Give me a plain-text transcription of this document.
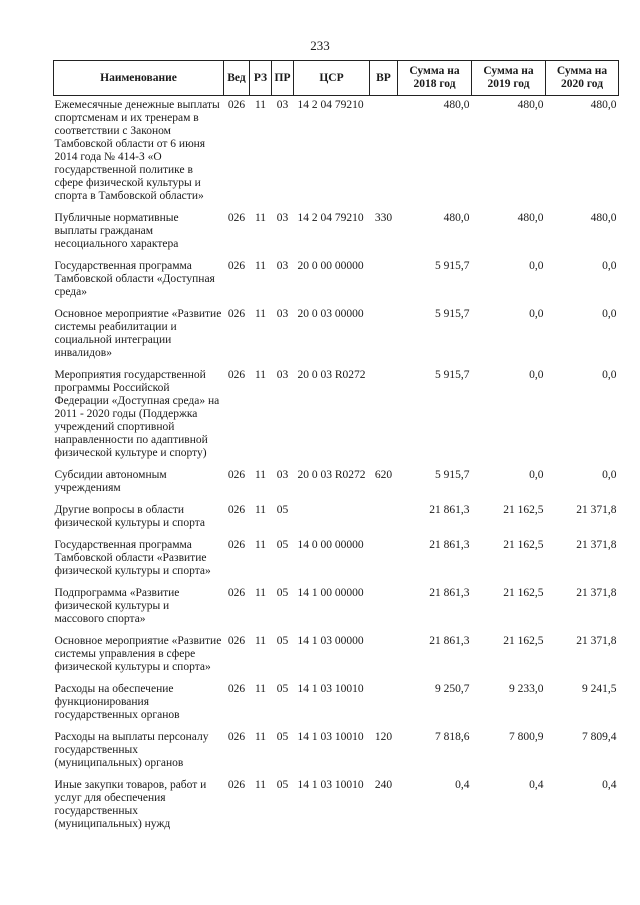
233
Наименование	Вед	РЗ	ПР	ЦСР	ВР	Сумма на 2018 год	Сумма на 2019 год	Сумма на 2020 год
Ежемесячные денежные выплаты спортсменам и их тренерам в соответствии с Законом Тамбовской области от 6 июня 2014 года № 414-З «О государственной политике в сфере физической культуры и спорта в Тамбовской области»	026	11	03	14 2 04 79210		480,0	480,0	480,0
Публичные нормативные выплаты гражданам несоциального характера	026	11	03	14 2 04 79210	330	480,0	480,0	480,0
Государственная программа Тамбовской области «Доступная среда»	026	11	03	20 0 00 00000		5 915,7	0,0	0,0
Основное мероприятие «Развитие системы реабилитации и социальной интеграции инвалидов»	026	11	03	20 0 03 00000		5 915,7	0,0	0,0
Мероприятия государственной программы Российской Федерации «Доступная среда» на 2011 - 2020 годы (Поддержка учреждений спортивной направленности по адаптивной физической культуре и спорту)	026	11	03	20 0 03 R0272		5 915,7	0,0	0,0
Субсидии автономным учреждениям	026	11	03	20 0 03 R0272	620	5 915,7	0,0	0,0
Другие вопросы в области физической культуры и спорта	026	11	05			21 861,3	21 162,5	21 371,8
Государственная программа Тамбовской области «Развитие физической культуры и спорта»	026	11	05	14 0 00 00000		21 861,3	21 162,5	21 371,8
Подпрограмма «Развитие физической культуры и массового спорта»	026	11	05	14 1 00 00000		21 861,3	21 162,5	21 371,8
Основное мероприятие «Развитие системы управления в сфере физической культуры и спорта»	026	11	05	14 1 03 00000		21 861,3	21 162,5	21 371,8
Расходы на обеспечение функционирования государственных органов	026	11	05	14 1 03 10010		9 250,7	9 233,0	9 241,5
Расходы на выплаты персоналу государственных (муниципальных) органов	026	11	05	14 1 03 10010	120	7 818,6	7 800,9	7 809,4
Иные закупки товаров, работ и услуг для обеспечения государственных (муниципальных) нужд	026	11	05	14 1 03 10010	240	0,4	0,4	0,4
